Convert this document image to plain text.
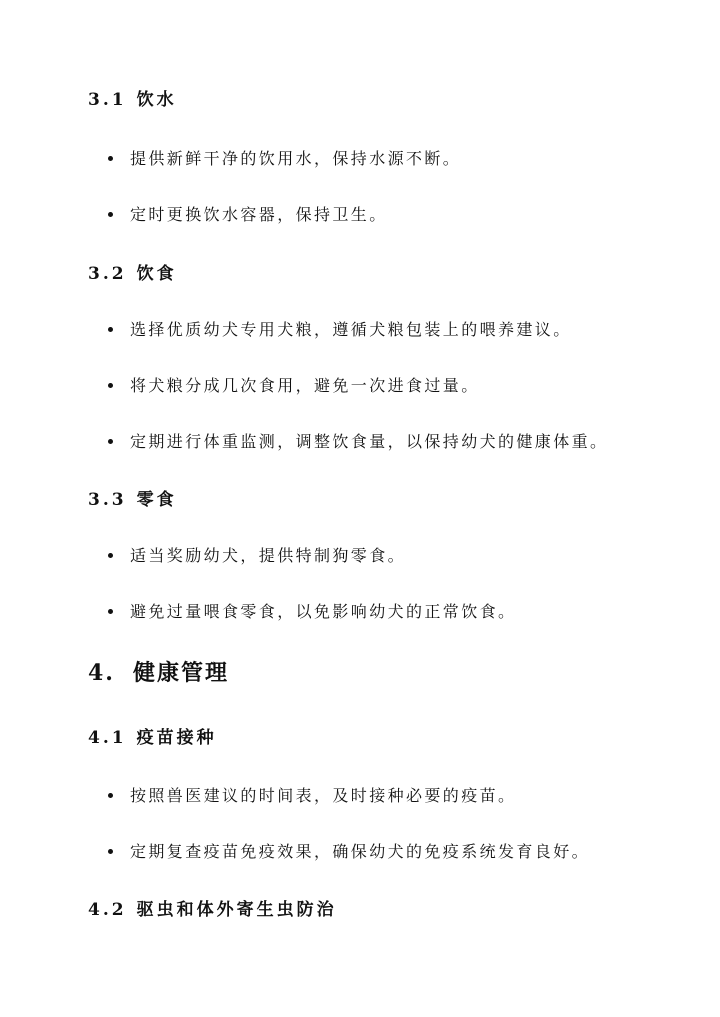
3.1 饮水
提供新鲜干净的饮用水，保持水源不断。
定时更换饮水容器，保持卫生。
3.2 饮食
选择优质幼犬专用犬粮，遵循犬粮包装上的喂养建议。
将犬粮分成几次食用，避免一次进食过量。
定期进行体重监测，调整饮食量，以保持幼犬的健康体重。
3.3 零食
适当奖励幼犬，提供特制狗零食。
避免过量喂食零食，以免影响幼犬的正常饮食。
4. 健康管理
4.1 疫苗接种
按照兽医建议的时间表，及时接种必要的疫苗。
定期复查疫苗免疫效果，确保幼犬的免疫系统发育良好。
4.2 驱虫和体外寄生虫防治
